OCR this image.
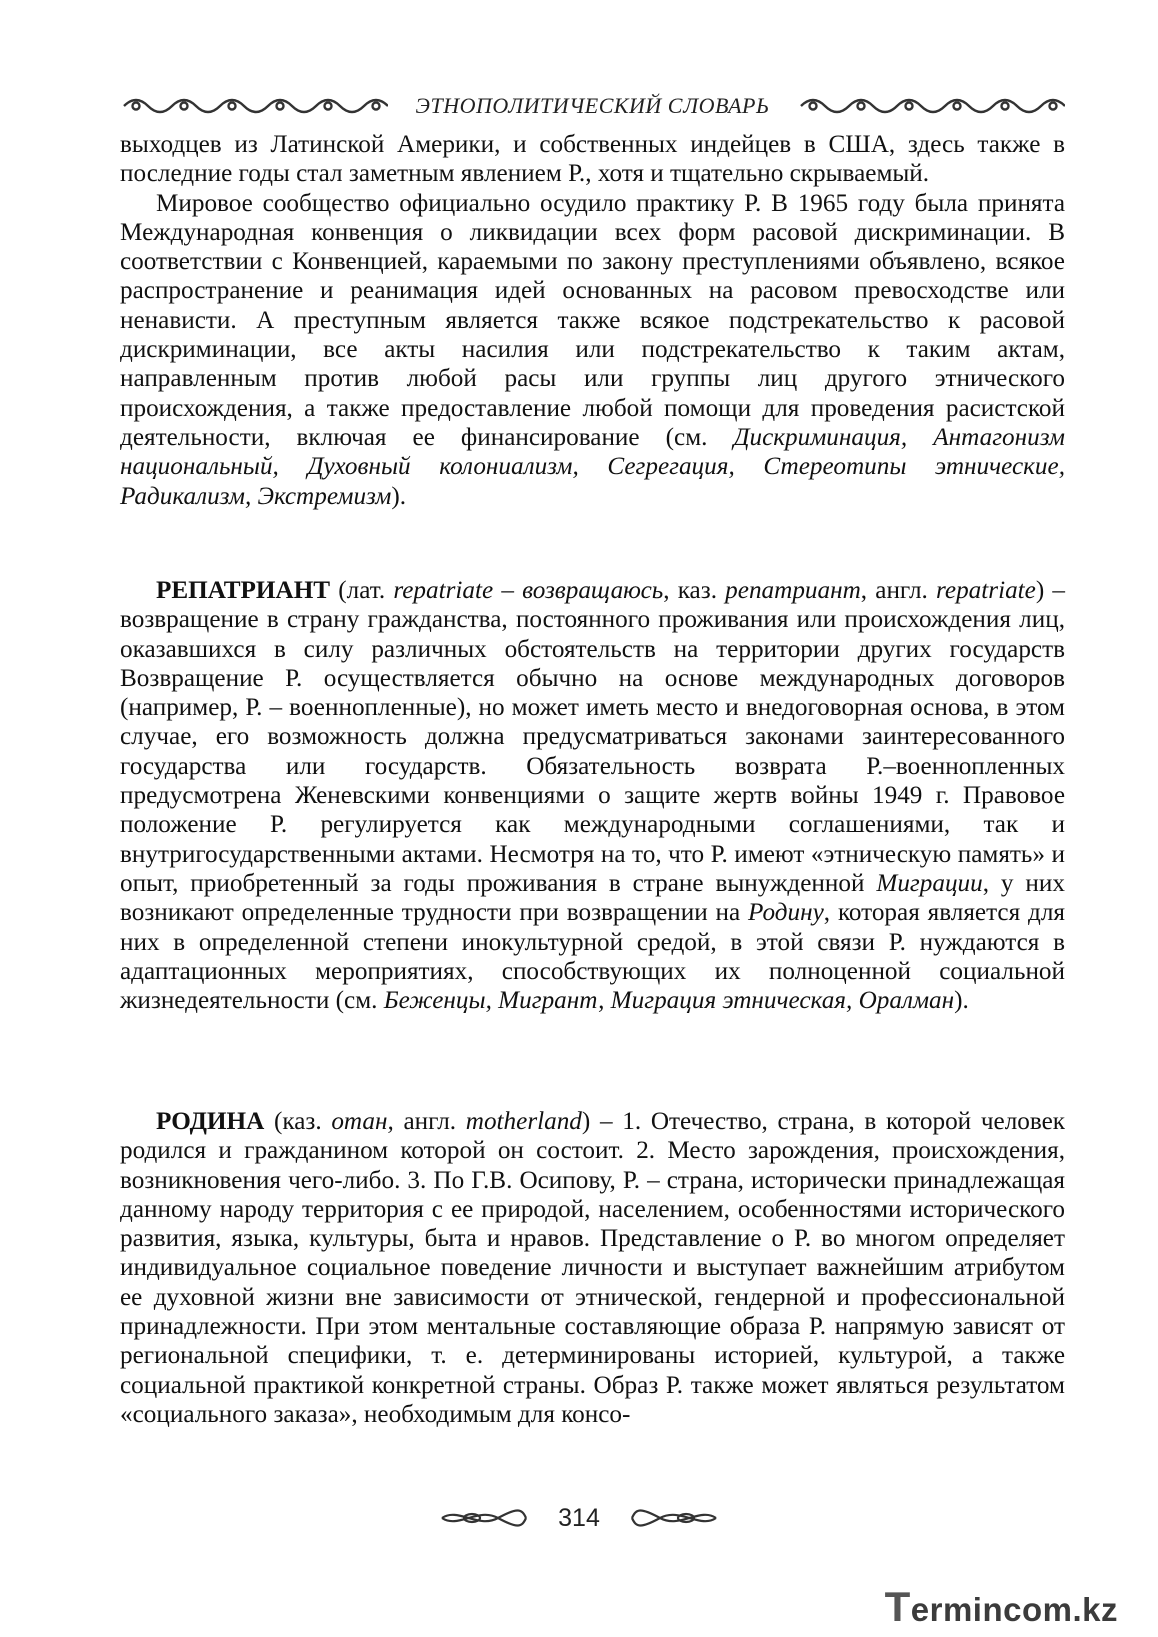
ЭТНОПОЛИТИЧЕСКИЙ СЛОВАРЬ

выходцев из Латинской Америки, и собственных индейцев в США, здесь также в последние годы стал заметным явлением Р., хотя и тщательно скрываемый.

Мировое сообщество официально осудило практику Р. В 1965 году была принята Международная конвенция о ликвидации всех форм расовой дискриминации. В соответствии с Конвенцией, караемыми по закону преступлениями объявлено, всякое распространение и реанимация идей основанных на расовом превосходстве или ненависти. А преступным является также всякое подстрекательство к расовой дискриминации, все акты насилия или подстрекательство к таким актам, направленным против любой расы или группы лиц другого этнического происхождения, а также предоставление любой помощи для проведения расистской деятельности, включая ее финансирование (см. Дискриминация, Антагонизм национальный, Духовный колониализм, Сегрегация, Стереотипы этнические, Радикализм, Экстремизм).

РЕПАТРИАНТ (лат. repatriate – возвращаюсь, каз. репатриант, англ. repatriate) – возвращение в страну гражданства, постоянного проживания или происхождения лиц, оказавшихся в силу различных обстоятельств на территории других государств Возвращение Р. осуществляется обычно на основе международных договоров (например, Р. – военнопленные), но может иметь место и внедоговорная основа, в этом случае, его возможность должна предусматриваться законами заинтересованного государства или государств. Обязательность возврата Р.–военнопленных предусмотрена Женевскими конвенциями о защите жертв войны 1949 г. Правовое положение Р. регулируется как международными соглашениями, так и внутригосударственными актами. Несмотря на то, что Р. имеют «этническую память» и опыт, приобретенный за годы проживания в стране вынужденной Миграции, у них возникают определенные трудности при возвращении на Родину, которая является для них в определенной степени инокультурной средой, в этой связи Р. нуждаются в адаптационных мероприятиях, способствующих их полноценной социальной жизнедеятельности (см. Беженцы, Мигрант, Миграция этническая, Оралман).

РОДИНА (каз. отан, англ. motherland) – 1. Отечество, страна, в которой человек родился и гражданином которой он состоит. 2. Место зарождения, происхождения, возникновения чего-либо. 3. По Г.В. Осипову, Р. – страна, исторически принадлежащая данному народу территория с ее природой, населением, особенностями исторического развития, языка, культуры, быта и нравов. Представление о Р. во многом определяет индивидуальное социальное поведение личности и выступает важнейшим атрибутом ее духовной жизни вне зависимости от этнической, гендерной и профессиональной принадлежности. При этом ментальные составляющие образа Р. напрямую зависят от региональной специфики, т. е. детерминированы историей, культурой, а также социальной практикой конкретной страны. Образ Р. также может являться результатом «социального заказа», необходимым для консо-

314
T ermincom.kz
